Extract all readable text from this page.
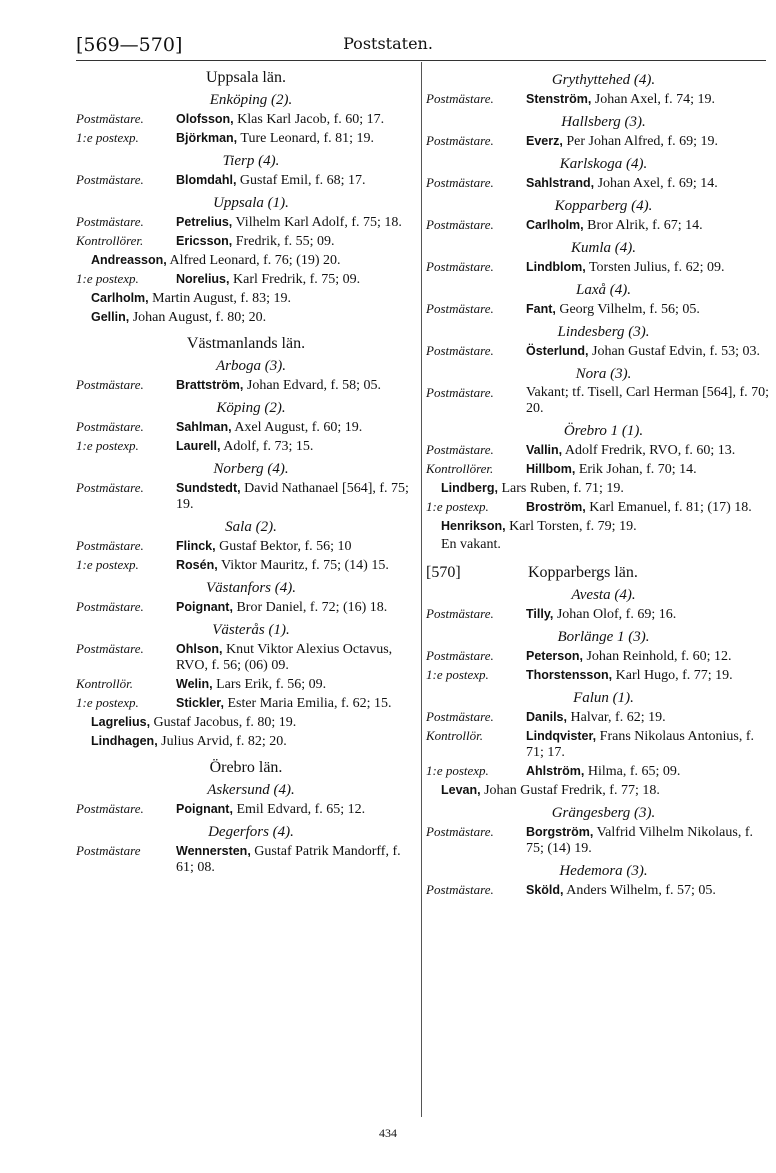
[569—570]	Poststaten.
Uppsala län.
Enköping (2).
Postmästare.	Olofsson, Klas Karl Jacob, f. 60; 17.
1:e postexp.	Björkman, Ture Leonard, f. 81; 19.
Tierp (4).
Postmästare.	Blomdahl, Gustaf Emil, f. 68; 17.
Uppsala (1).
Postmästare.	Petrelius, Vilhelm Karl Adolf, f. 75; 18.
Kontrollörer.	Ericsson, Fredrik, f. 55; 09.
Andreasson, Alfred Leonard, f. 76; (19) 20.
1:e postexp.	Norelius, Karl Fredrik, f. 75; 09.
Carlholm, Martin August, f. 83; 19.
Gellin, Johan August, f. 80; 20.
Västmanlands län.
Arboga (3).
Postmästare.	Brattström, Johan Edvard, f. 58; 05.
Köping (2).
Postmästare.	Sahlman, Axel August, f. 60; 19.
1:e postexp.	Laurell, Adolf, f. 73; 15.
Norberg (4).
Postmästare.	Sundstedt, David Nathanael [564], f. 75; 19.
Sala (2).
Postmästare.	Flinck, Gustaf Bektor, f. 56; 10
1:e postexp.	Rosén, Viktor Mauritz, f. 75; (14) 15.
Västanfors (4).
Postmästare.	Poignant, Bror Daniel, f. 72; (16) 18.
Västerås (1).
Postmästare.	Ohlson, Knut Viktor Alexius Octavus, RVO, f. 56; (06) 09.
Kontrollör.	Welin, Lars Erik, f. 56; 09.
1:e postexp.	Stickler, Ester Maria Emilia, f. 62; 15.
Lagrelius, Gustaf Jacobus, f. 80; 19.
Lindhagen, Julius Arvid, f. 82; 20.
Örebro län.
Askersund (4).
Postmästare.	Poignant, Emil Edvard, f. 65; 12.
Degerfors (4).
Postmästare	Wennersten, Gustaf Patrik Mandorff, f. 61; 08.
Grythyttehed (4).
Postmästare.	Stenström, Johan Axel, f. 74; 19.
Hallsberg (3).
Postmästare.	Everz, Per Johan Alfred, f. 69; 19.
Karlskoga (4).
Postmästare.	Sahlstrand, Johan Axel, f. 69; 14.
Kopparberg (4).
Postmästare.	Carlholm, Bror Alrik, f. 67; 14.
Kumla (4).
Postmästare.	Lindblom, Torsten Julius, f. 62; 09.
Laxå (4).
Postmästare.	Fant, Georg Vilhelm, f. 56; 05.
Lindesberg (3).
Postmästare.	Österlund, Johan Gustaf Edvin, f. 53; 03.
Nora (3).
Postmästare.	Vakant; tf. Tisell, Carl Herman [564], f. 70; 20.
Örebro 1 (1).
Postmästare.	Vallin, Adolf Fredrik, RVO, f. 60; 13.
Kontrollörer.	Hillbom, Erik Johan, f. 70; 14.
Lindberg, Lars Ruben, f. 71; 19.
1:e postexp.	Broström, Karl Emanuel, f. 81; (17) 18.
Henrikson, Karl Torsten, f. 79; 19.
En vakant.
[570]	Kopparbergs län.
Avesta (4).
Postmästare.	Tilly, Johan Olof, f. 69; 16.
Borlänge 1 (3).
Postmästare.	Peterson, Johan Reinhold, f. 60; 12.
1:e postexp.	Thorstensson, Karl Hugo, f. 77; 19.
Falun (1).
Postmästare.	Danils, Halvar, f. 62; 19.
Kontrollör.	Lindqvister, Frans Nikolaus Antonius, f. 71; 17.
1:e postexp.	Ahlström, Hilma, f. 65; 09.
Levan, Johan Gustaf Fredrik, f. 77; 18.
Grängesberg (3).
Postmästare.	Borgström, Valfrid Vilhelm Nikolaus, f. 75; (14) 19.
Hedemora (3).
Postmästare.	Sköld, Anders Wilhelm, f. 57; 05.
434
